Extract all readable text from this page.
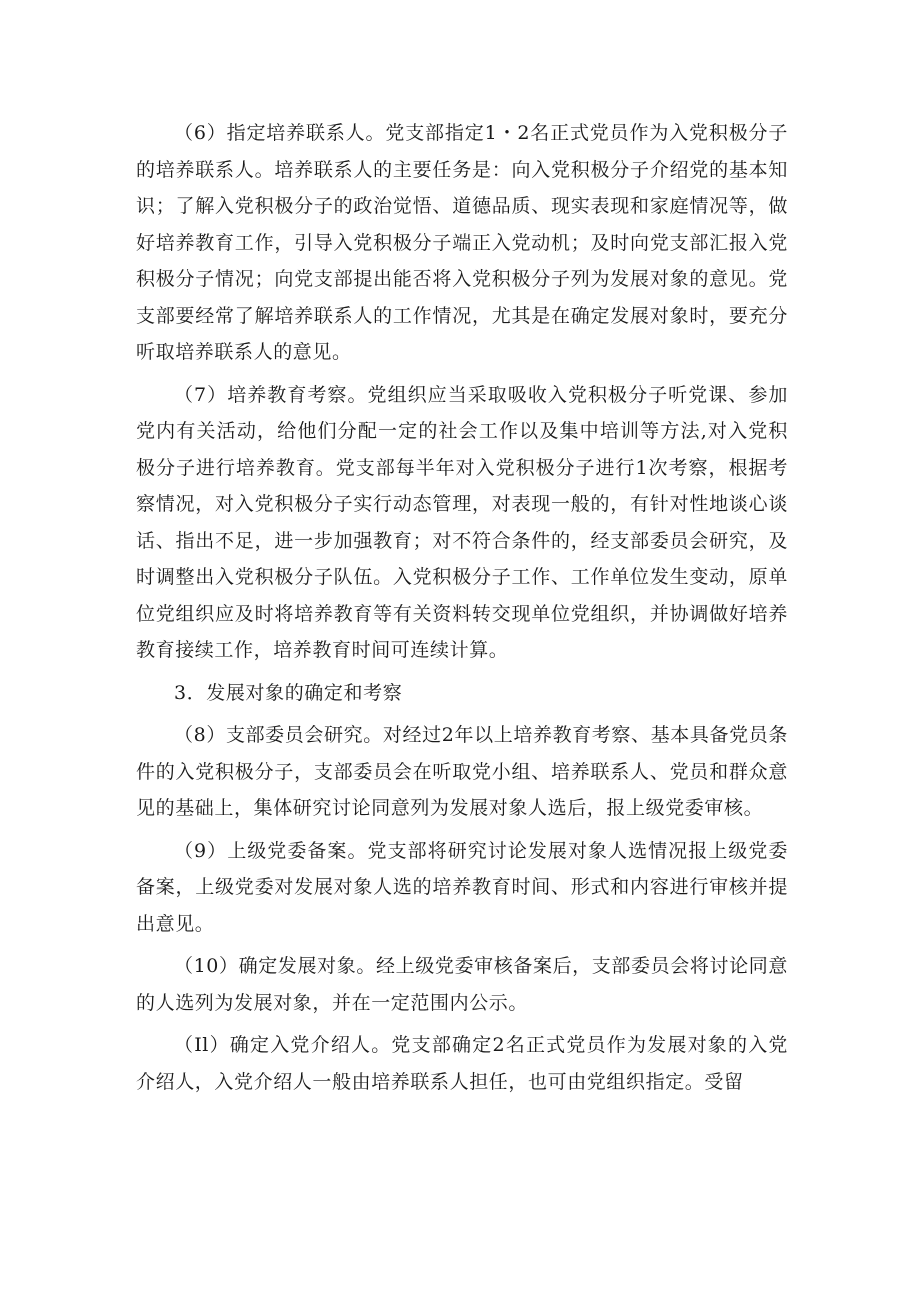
（6）指定培养联系人。党支部指定1・2名正式党员作为入党积极分子的培养联系人。培养联系人的主要任务是：向入党积极分子介绍党的基本知识；了解入党积极分子的政治觉悟、道德品质、现实表现和家庭情况等，做好培养教育工作，引导入党积极分子端正入党动机；及时向党支部汇报入党积极分子情况；向党支部提出能否将入党积极分子列为发展对象的意见。党支部要经常了解培养联系人的工作情况，尤其是在确定发展对象时，要充分听取培养联系人的意见。

（7）培养教育考察。党组织应当采取吸收入党积极分子听党课、参加党内有关活动，给他们分配一定的社会工作以及集中培训等方法,对入党积极分子进行培养教育。党支部每半年对入党积极分子进行1次考察，根据考察情况，对入党积极分子实行动态管理，对表现一般的，有针对性地谈心谈话、指出不足，进一步加强教育；对不符合条件的，经支部委员会研究，及时调整出入党积极分子队伍。入党积极分子工作、工作单位发生变动，原单位党组织应及时将培养教育等有关资料转交现单位党组织，并协调做好培养教育接续工作，培养教育时间可连续计算。

3．发展对象的确定和考察

（8）支部委员会研究。对经过2年以上培养教育考察、基本具备党员条件的入党积极分子，支部委员会在听取党小组、培养联系人、党员和群众意见的基础上，集体研究讨论同意列为发展对象人选后，报上级党委审核。

（9）上级党委备案。党支部将研究讨论发展对象人选情况报上级党委备案，上级党委对发展对象人选的培养教育时间、形式和内容进行审核并提出意见。

（10）确定发展对象。经上级党委审核备案后，支部委员会将讨论同意的人选列为发展对象，并在一定范围内公示。

（Il）确定入党介绍人。党支部确定2名正式党员作为发展对象的入党介绍人，入党介绍人一般由培养联系人担任，也可由党组织指定。受留
